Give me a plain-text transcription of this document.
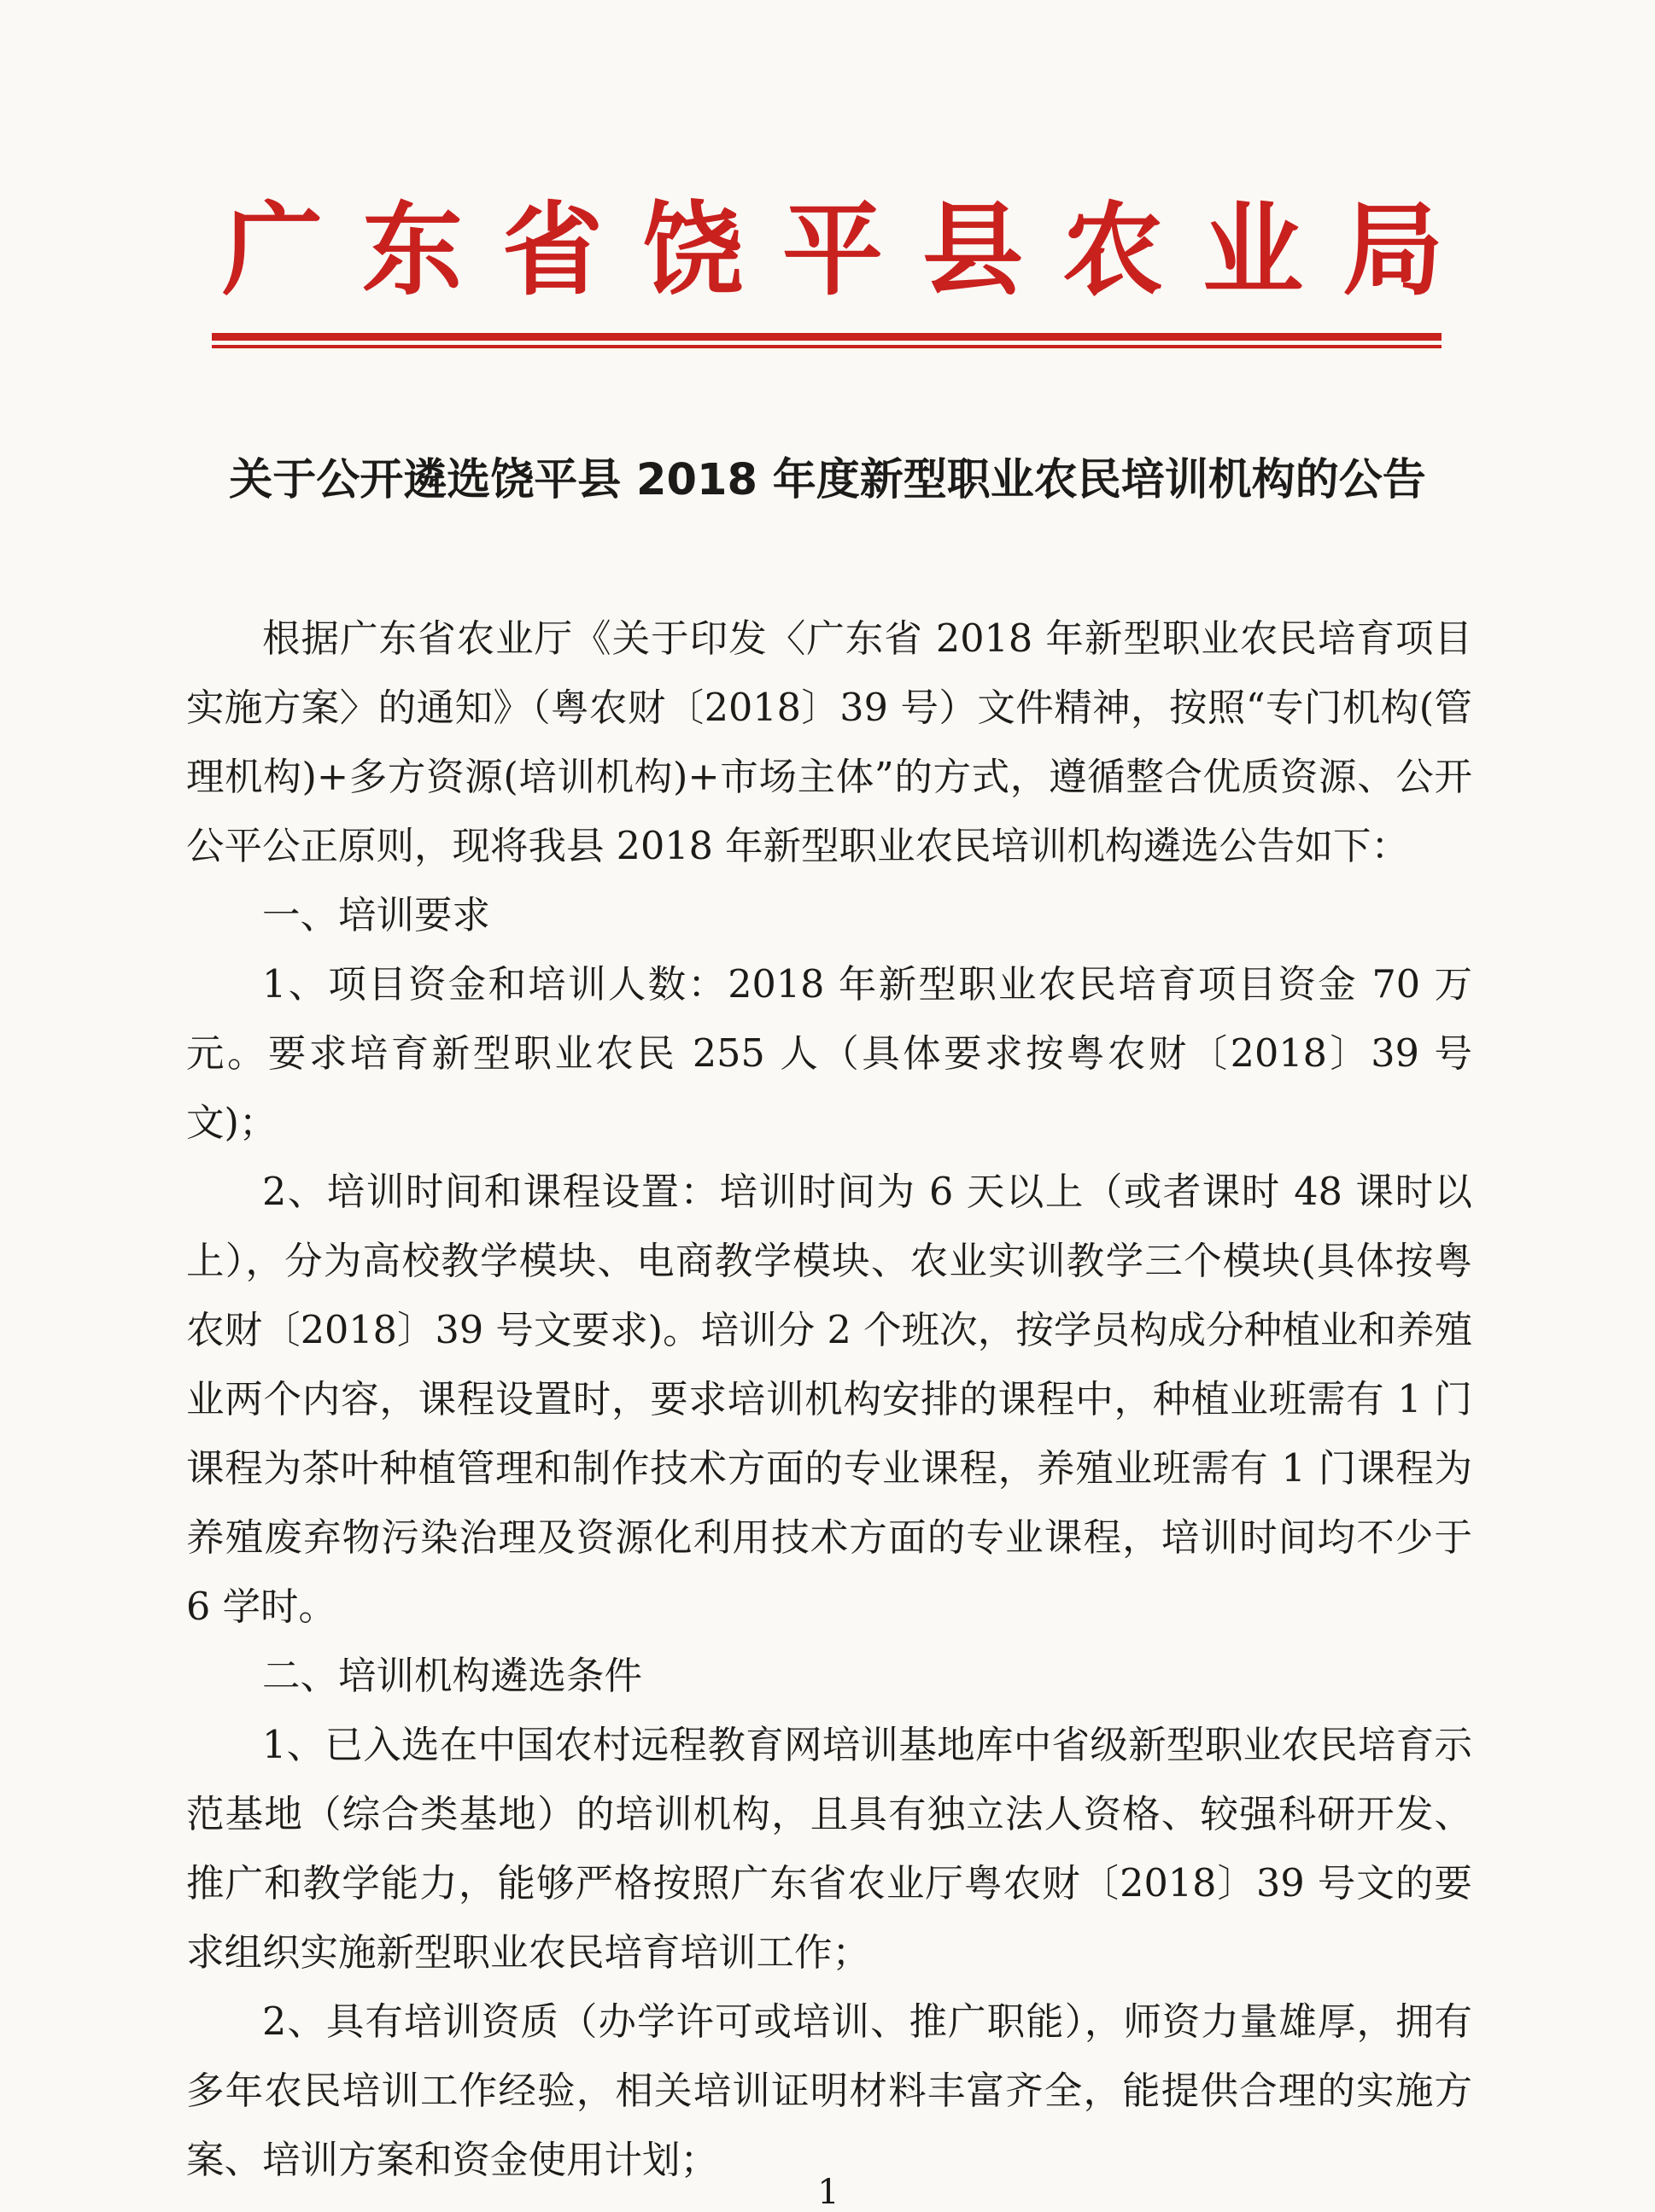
广东省饶平县农业局
关于公开遴选饶平县 2018 年度新型职业农民培训机构的公告

根据广东省农业厅《关于印发〈广东省 2018 年新型职业农民培育项目实施方案〉的通知》（粤农财〔2018〕39 号）文件精神，按照“专门机构(管理机构)+多方资源(培训机构)+市场主体”的方式，遵循整合优质资源、公开公平公正原则，现将我县 2018 年新型职业农民培训机构遴选公告如下：

一、培训要求

1、项目资金和培训人数：2018 年新型职业农民培育项目资金 70 万元。要求培育新型职业农民 255 人（具体要求按粤农财〔2018〕39 号文)；

2、培训时间和课程设置：培训时间为 6 天以上（或者课时 48 课时以上），分为高校教学模块、电商教学模块、农业实训教学三个模块(具体按粤农财〔2018〕39 号文要求)。培训分 2 个班次，按学员构成分种植业和养殖业两个内容，课程设置时，要求培训机构安排的课程中，种植业班需有 1 门课程为茶叶种植管理和制作技术方面的专业课程，养殖业班需有 1 门课程为养殖废弃物污染治理及资源化利用技术方面的专业课程，培训时间均不少于 6 学时。

二、培训机构遴选条件

1、已入选在中国农村远程教育网培训基地库中省级新型职业农民培育示范基地（综合类基地）的培训机构，且具有独立法人资格、较强科研开发、推广和教学能力，能够严格按照广东省农业厅粤农财〔2018〕39 号文的要求组织实施新型职业农民培育培训工作；

2、具有培训资质（办学许可或培训、推广职能），师资力量雄厚，拥有多年农民培训工作经验，相关培训证明材料丰富齐全，能提供合理的实施方案、培训方案和资金使用计划；

1
